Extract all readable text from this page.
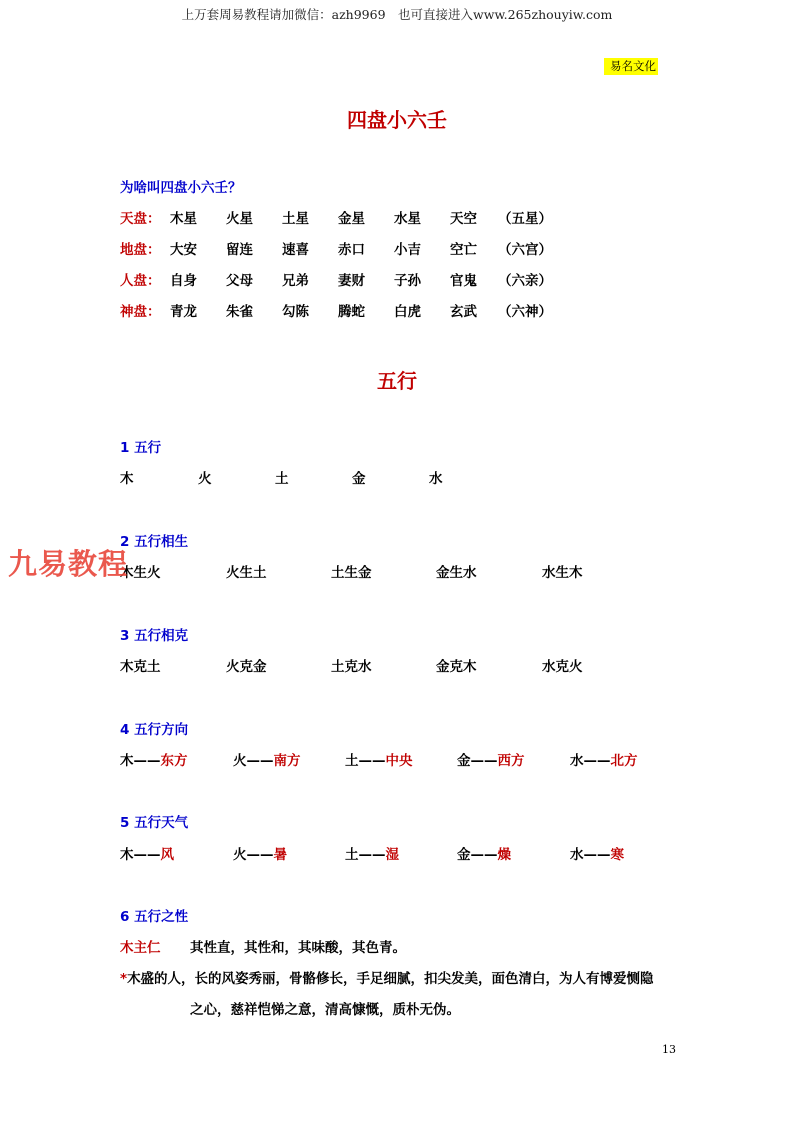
上万套周易教程请加微信：azh9969　也可直接进入www.265zhouyiw.com
易名文化
四盘小六壬
为啥叫四盘小六壬？
天盘： 木星 火星 土星 金星 水星 天空 （五星）
地盘： 大安 留连 速喜 赤口 小吉 空亡 （六宫）
人盘： 自身 父母 兄弟 妻财 子孙 官鬼 （六亲）
神盘： 青龙 朱雀 勾陈 腾蛇 白虎 玄武 （六神）
五行
1 五行
木	火	土	金	水
2 五行相生
木生火	火生土	土生金	金生水	水生木
3 五行相克
木克土	火克金	土克水	金克木	水克火
4 五行方向
木——东方	火——南方	土——中央	金——西方	水——北方
5 五行天气
木——风	火——暑	土——湿	金——燥	水——寒
6 五行之性
木主仁 其性直，其性和，其味酸，其色青。
*木盛的人，长的风姿秀丽，骨骼修长，手足细腻，扣尖发美，面色清白，为人有博爱恻隐
之心，慈祥恺悌之意，清高慷慨，质朴无伪。
九易教程
13
